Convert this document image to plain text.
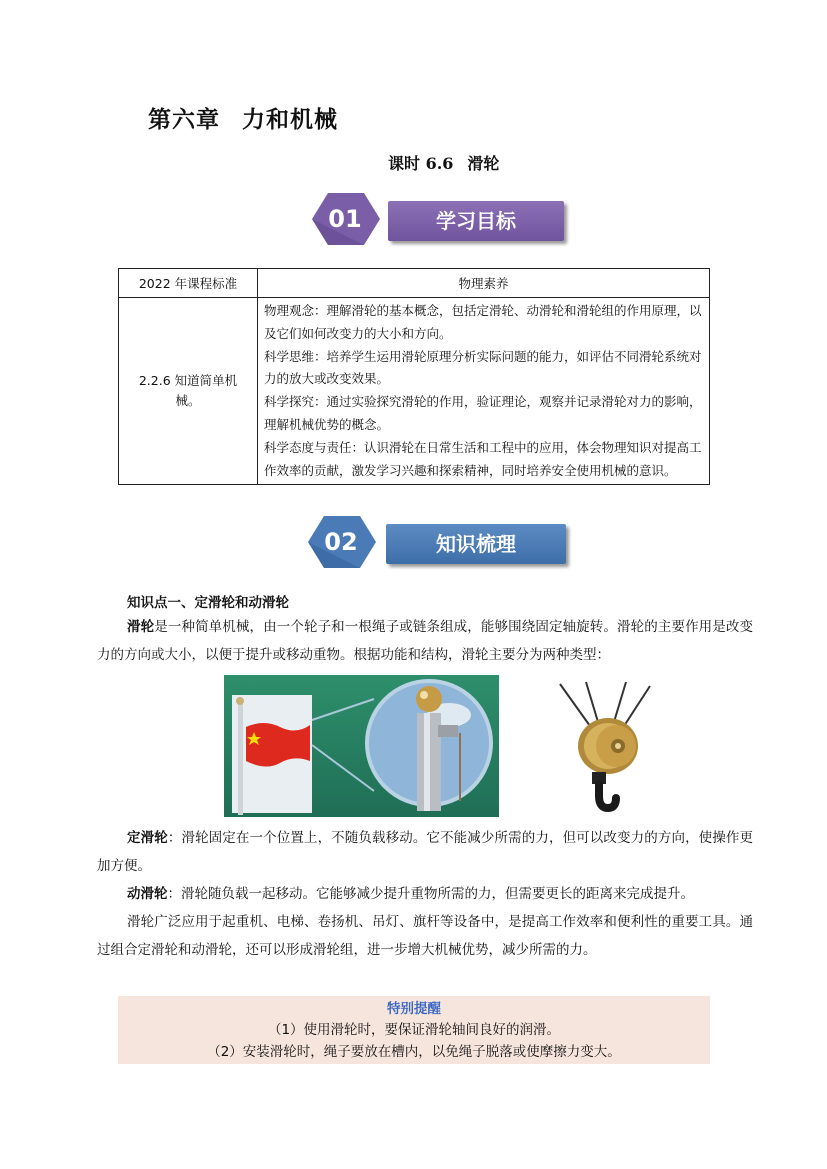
第六章 力和机械
课时 6.6 滑轮
01	学习目标
2022 年课程标准	物理素养
2.2.6 知道简单机械。	物理观念：理解滑轮的基本概念，包括定滑轮、动滑轮和滑轮组的作用原理，以及它们如何改变力的大小和方向。
科学思维：培养学生运用滑轮原理分析实际问题的能力，如评估不同滑轮系统对力的放大或改变效果。
科学探究：通过实验探究滑轮的作用，验证理论，观察并记录滑轮对力的影响，理解机械优势的概念。
科学态度与责任：认识滑轮在日常生活和工程中的应用，体会物理知识对提高工作效率的贡献，激发学习兴趣和探索精神，同时培养安全使用机械的意识。
02	知识梳理
知识点一、定滑轮和动滑轮

滑轮是一种简单机械，由一个轮子和一根绳子或链条组成，能够围绕固定轴旋转。滑轮的主要作用是改变力的方向或大小，以便于提升或移动重物。根据功能和结构，滑轮主要分为两种类型：

定滑轮：滑轮固定在一个位置上，不随负载移动。它不能减少所需的力，但可以改变力的方向，使操作更加方便。

动滑轮：滑轮随负载一起移动。它能够减少提升重物所需的力，但需要更长的距离来完成提升。

滑轮广泛应用于起重机、电梯、卷扬机、吊灯、旗杆等设备中，是提高工作效率和便利性的重要工具。通过组合定滑轮和动滑轮，还可以形成滑轮组，进一步增大机械优势，减少所需的力。

特别提醒
（1）使用滑轮时，要保证滑轮轴间良好的润滑。
（2）安装滑轮时，绳子要放在槽内，以免绳子脱落或使摩擦力变大。
